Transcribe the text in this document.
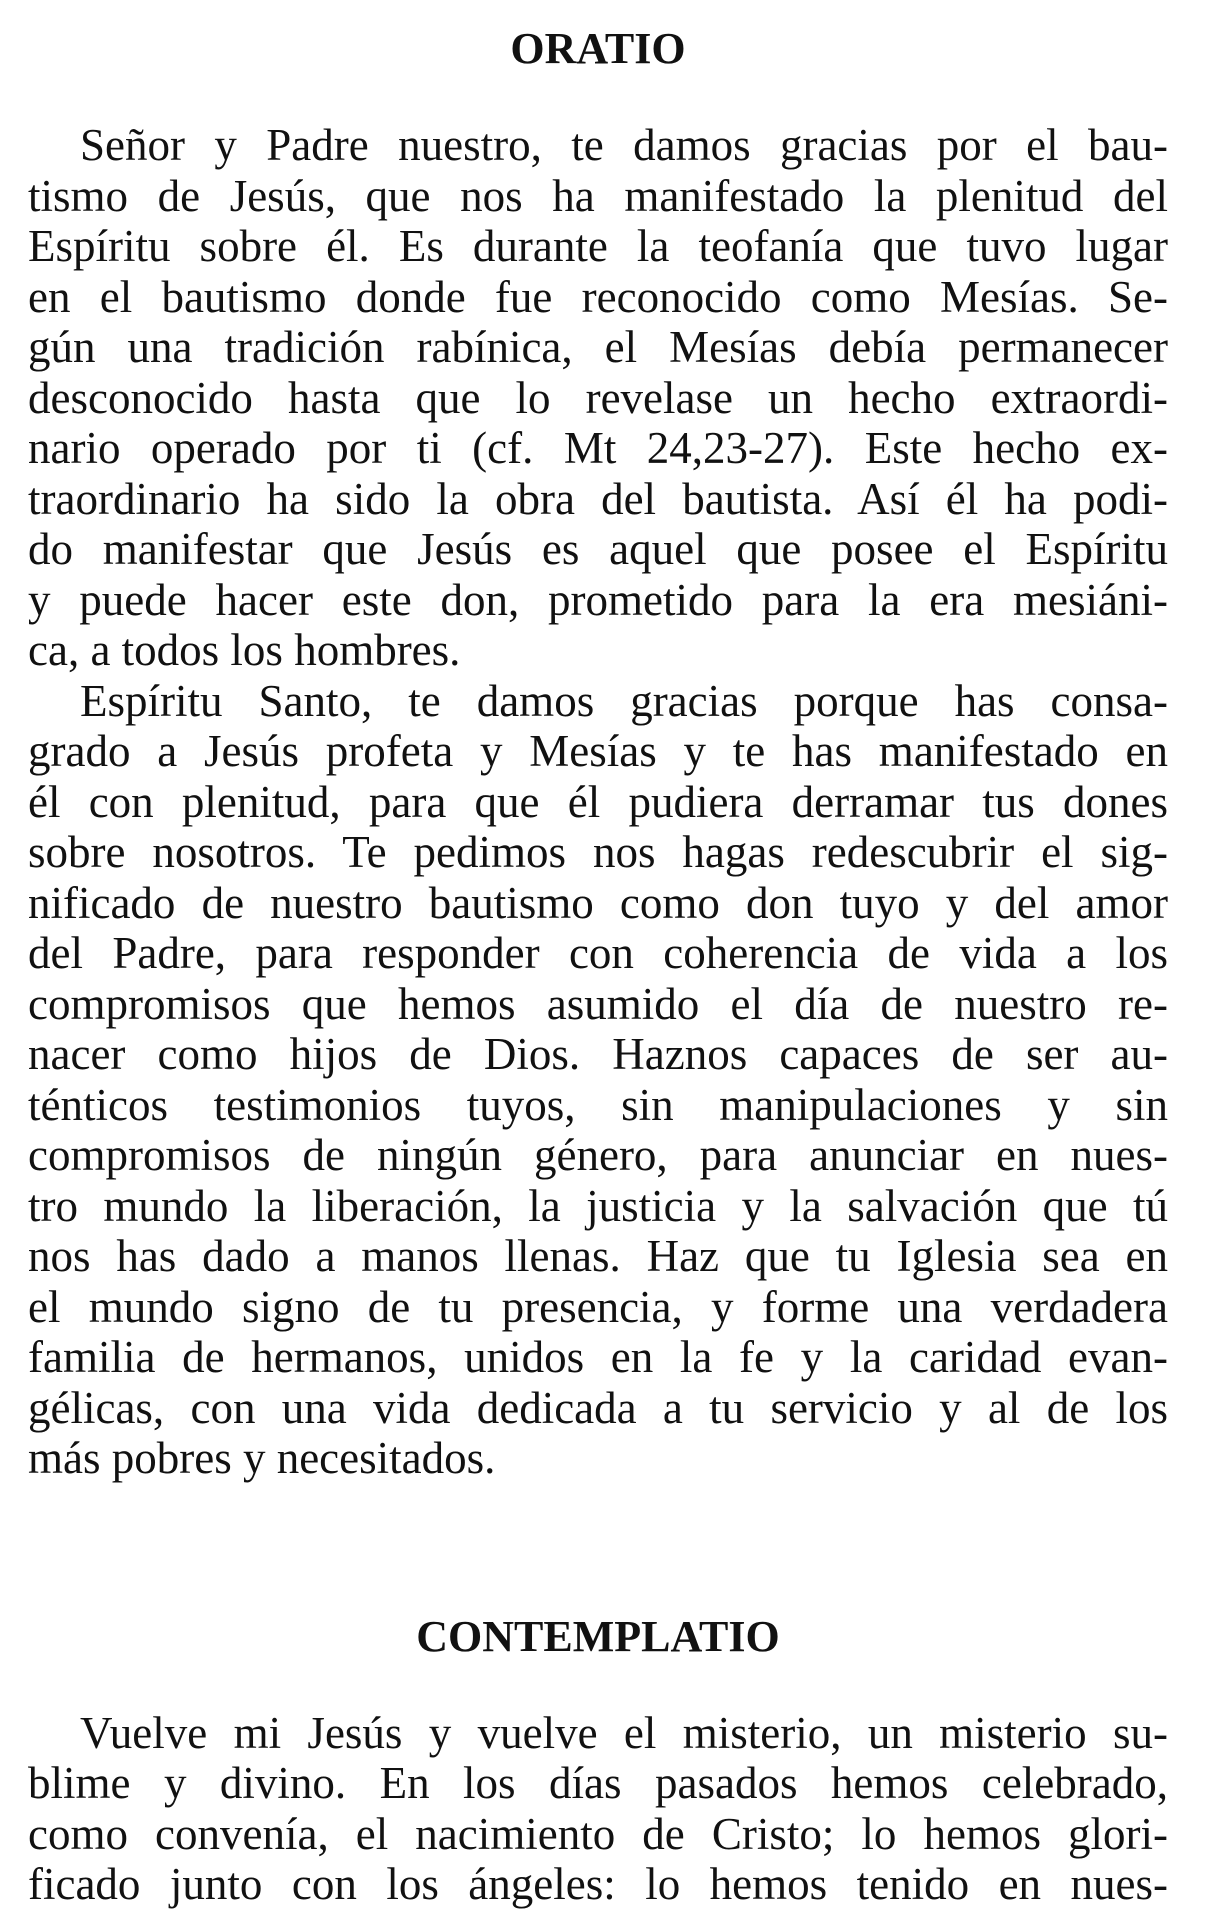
ORATIO

Señor y Padre nuestro, te damos gracias por el bau-
tismo de Jesús, que nos ha manifestado la plenitud del
Espíritu sobre él. Es durante la teofanía que tuvo lugar
en el bautismo donde fue reconocido como Mesías. Se-
gún una tradición rabínica, el Mesías debía permanecer
desconocido hasta que lo revelase un hecho extraordi-
nario operado por ti (cf. Mt 24,23-27). Este hecho ex-
traordinario ha sido la obra del bautista. Así él ha podi-
do manifestar que Jesús es aquel que posee el Espíritu
y puede hacer este don, prometido para la era mesiáni-
ca, a todos los hombres.

Espíritu Santo, te damos gracias porque has consa-
grado a Jesús profeta y Mesías y te has manifestado en
él con plenitud, para que él pudiera derramar tus dones
sobre nosotros. Te pedimos nos hagas redescubrir el sig-
nificado de nuestro bautismo como don tuyo y del amor
del Padre, para responder con coherencia de vida a los
compromisos que hemos asumido el día de nuestro re-
nacer como hijos de Dios. Haznos capaces de ser au-
ténticos testimonios tuyos, sin manipulaciones y sin
compromisos de ningún género, para anunciar en nues-
tro mundo la liberación, la justicia y la salvación que tú
nos has dado a manos llenas. Haz que tu Iglesia sea en
el mundo signo de tu presencia, y forme una verdadera
familia de hermanos, unidos en la fe y la caridad evan-
gélicas, con una vida dedicada a tu servicio y al de los
más pobres y necesitados.

CONTEMPLATIO

Vuelve mi Jesús y vuelve el misterio, un misterio su-
blime y divino. En los días pasados hemos celebrado,
como convenía, el nacimiento de Cristo; lo hemos glori-
ficado junto con los ángeles: lo hemos tenido en nues-
